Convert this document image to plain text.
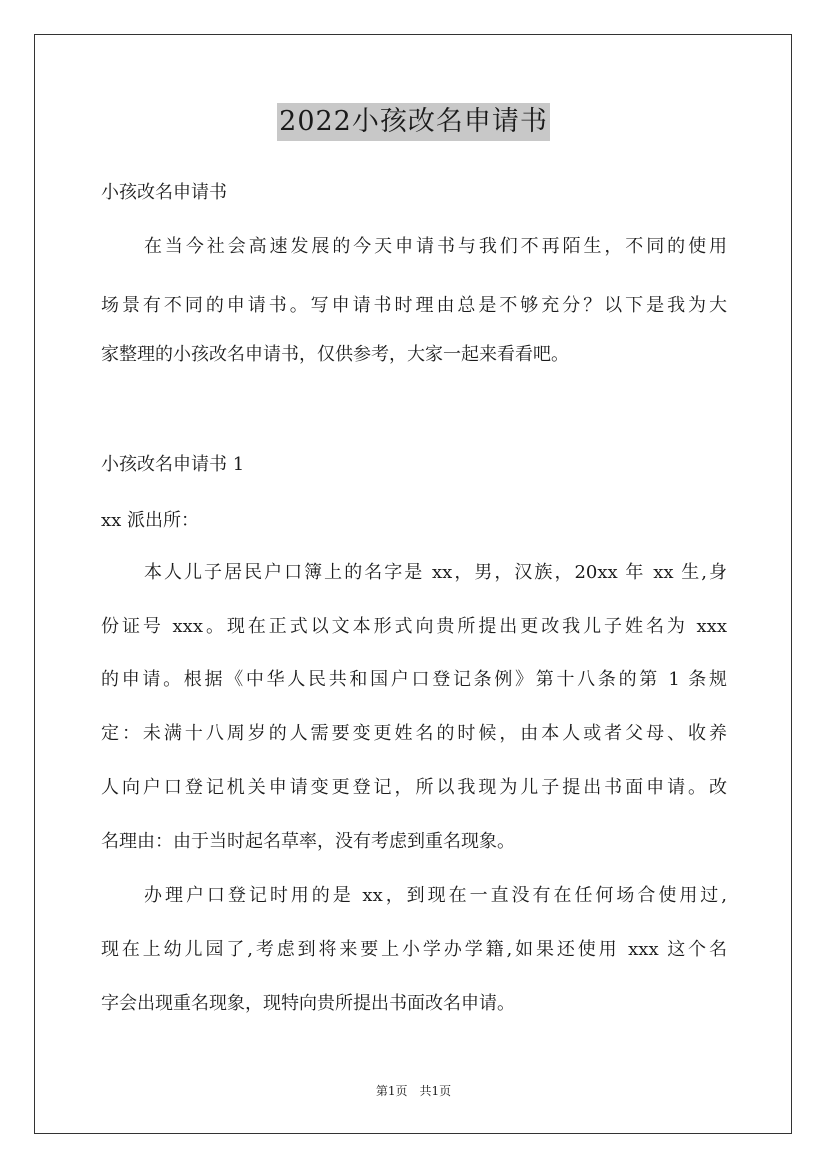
2022小孩改名申请书
小孩改名申请书
在当今社会高速发展的今天申请书与我们不再陌生，不同的使用
场景有不同的申请书。写申请书时理由总是不够充分？以下是我为大
家整理的小孩改名申请书，仅供参考，大家一起来看看吧。
小孩改名申请书 1
xx 派出所：
本人儿子居民户口簿上的名字是 xx，男，汉族，20xx 年 xx 生,身
份证号 xxx。现在正式以文本形式向贵所提出更改我儿子姓名为 xxx
的申请。根据《中华人民共和国户口登记条例》第十八条的第 1 条规
定：未满十八周岁的人需要变更姓名的时候，由本人或者父母、收养
人向户口登记机关申请变更登记，所以我现为儿子提出书面申请。改
名理由：由于当时起名草率，没有考虑到重名现象。
办理户口登记时用的是 xx，到现在一直没有在任何场合使用过,
现在上幼儿园了,考虑到将来要上小学办学籍,如果还使用 xxx 这个名
字会出现重名现象，现特向贵所提出书面改名申请。
第1页 共1页
